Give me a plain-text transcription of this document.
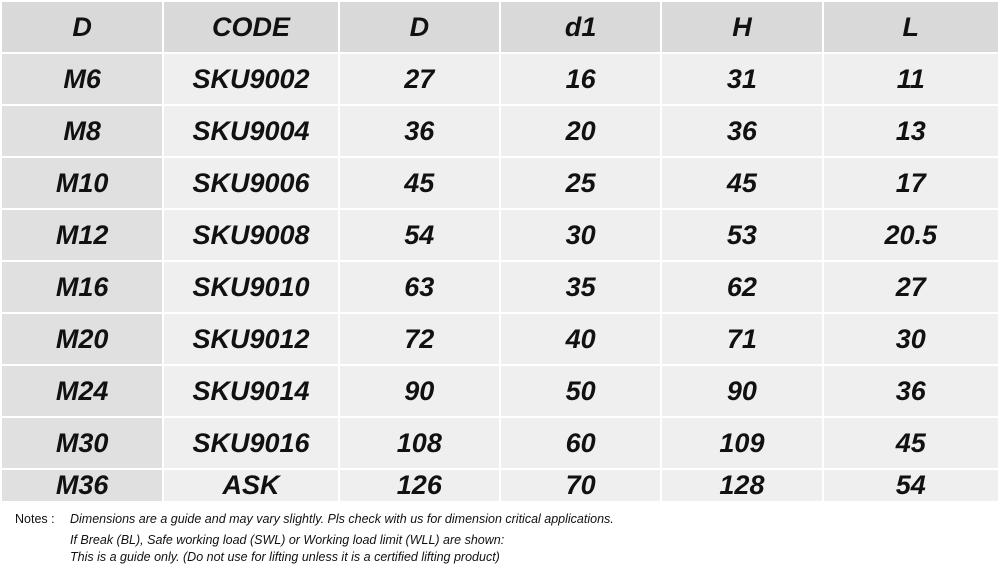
D	CODE	D	d1	H	L
M6	SKU9002	27	16	31	11
M8	SKU9004	36	20	36	13
M10	SKU9006	45	25	45	17
M12	SKU9008	54	30	53	20.5
M16	SKU9010	63	35	62	27
M20	SKU9012	72	40	71	30
M24	SKU9014	90	50	90	36
M30	SKU9016	108	60	109	45
M36	ASK	126	70	128	54
Notes : Dimensions are a guide and may vary slightly. Pls check with us for dimension critical applications.
If Break (BL), Safe working load (SWL) or Working load limit (WLL) are shown:
This is a guide only. (Do not use for lifting unless it is a certified lifting product)
